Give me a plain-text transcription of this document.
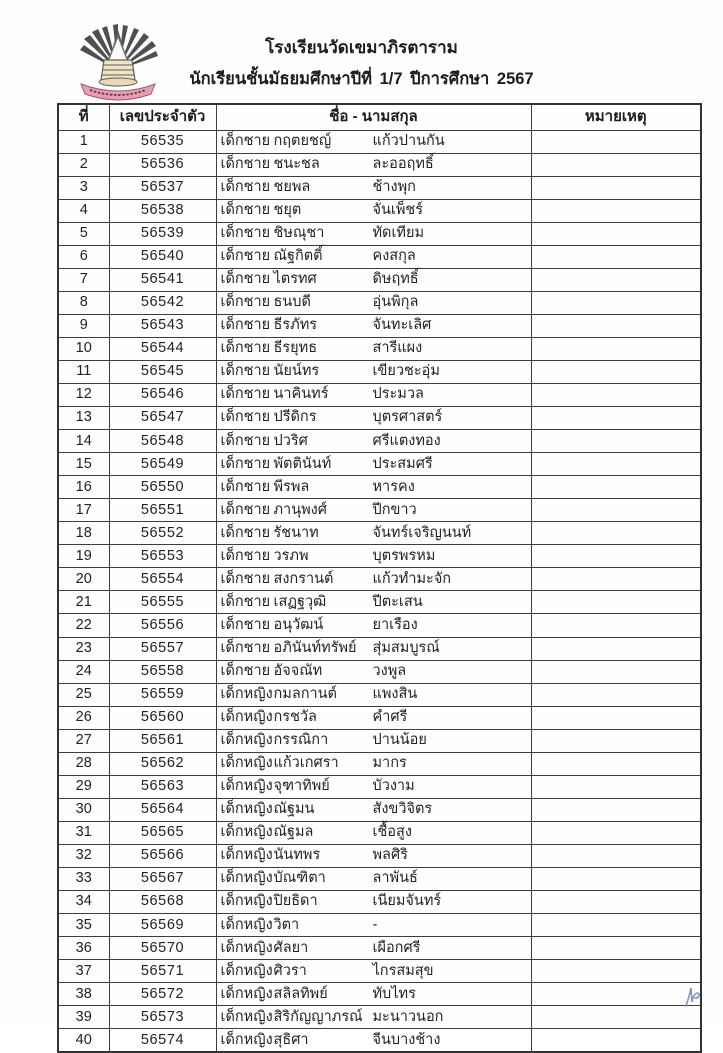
โรงเรียนวัดเขมาภิรตาราม
นักเรียนชั้นมัธยมศึกษาปีที่ 1/7 ปีการศึกษา 2567
ที่	เลขประจำตัว	ชื่อ - นามสกุล	หมายเหตุ
1	56535	เด็กชาย กฤตยชญ์ แก้วปานกัน	
2	56536	เด็กชาย ชนะชล ละออฤทธิ์	
3	56537	เด็กชาย ชยพล ช้างพุก	
4	56538	เด็กชาย ชยุต จั่นเพ็ชร์	
5	56539	เด็กชาย ชิษณุชา ทัดเทียม	
6	56540	เด็กชาย ณัฐกิตติ์ คงสกุล	
7	56541	เด็กชาย ไตรทศ ดิษฤทธิ์	
8	56542	เด็กชาย ธนบดี อุ่นพิกุล	
9	56543	เด็กชาย ธีรภัทร จันทะเลิศ	
10	56544	เด็กชาย ธีรยุทธ สารีแผง	
11	56545	เด็กชาย นัยน์ทร เขียวชะอุ่ม	
12	56546	เด็กชาย นาคินทร์ ประมวล	
13	56547	เด็กชาย ปรีดิกร บุตรศาสตร์	
14	56548	เด็กชาย ปวริศ ศรีแตงทอง	
15	56549	เด็กชาย พัตตินันท์ ประสมศรี	
16	56550	เด็กชาย พีรพล หารคง	
17	56551	เด็กชาย ภานุพงศ์ ปีกขาว	
18	56552	เด็กชาย รัชนาท จันทร์เจริญนนท์	
19	56553	เด็กชาย วรภพ บุตรพรหม	
20	56554	เด็กชาย สงกรานต์ แก้วทำมะจัก	
21	56555	เด็กชาย เสฏฐวุฒิ ปีตะเสน	
22	56556	เด็กชาย อนุวัฒน์ ยาเรือง	
23	56557	เด็กชาย อภินันท์ทรัพย์ สุ่มสมบูรณ์	
24	56558	เด็กชาย อัจจณัท วงพูล	
25	56559	เด็กหญิงกมลกานต์ แพงสิน	
26	56560	เด็กหญิงกรชวัล คำศรี	
27	56561	เด็กหญิงกรรณิกา ปานน้อย	
28	56562	เด็กหญิงแก้วเกศรา มากร	
29	56563	เด็กหญิงจุฑาทิพย์ บัวงาม	
30	56564	เด็กหญิงณัฐมน สังขวิจิตร	
31	56565	เด็กหญิงณัฐมล เชื้อสูง	
32	56566	เด็กหญิงนันทพร พลศิริ	
33	56567	เด็กหญิงบัณฑิตา ลาพันธ์	
34	56568	เด็กหญิงปิยธิดา เนียมจันทร์	
35	56569	เด็กหญิงวิตา -	
36	56570	เด็กหญิงศัลยา เผือกศรี	
37	56571	เด็กหญิงศิวรา ไกรสมสุข	
38	56572	เด็กหญิงสลิลทิพย์ ทับไทร	
39	56573	เด็กหญิงสิริกัญญาภรณ์ มะนาวนอก	
40	56574	เด็กหญิงสุธิศา จีนบางช้าง	
